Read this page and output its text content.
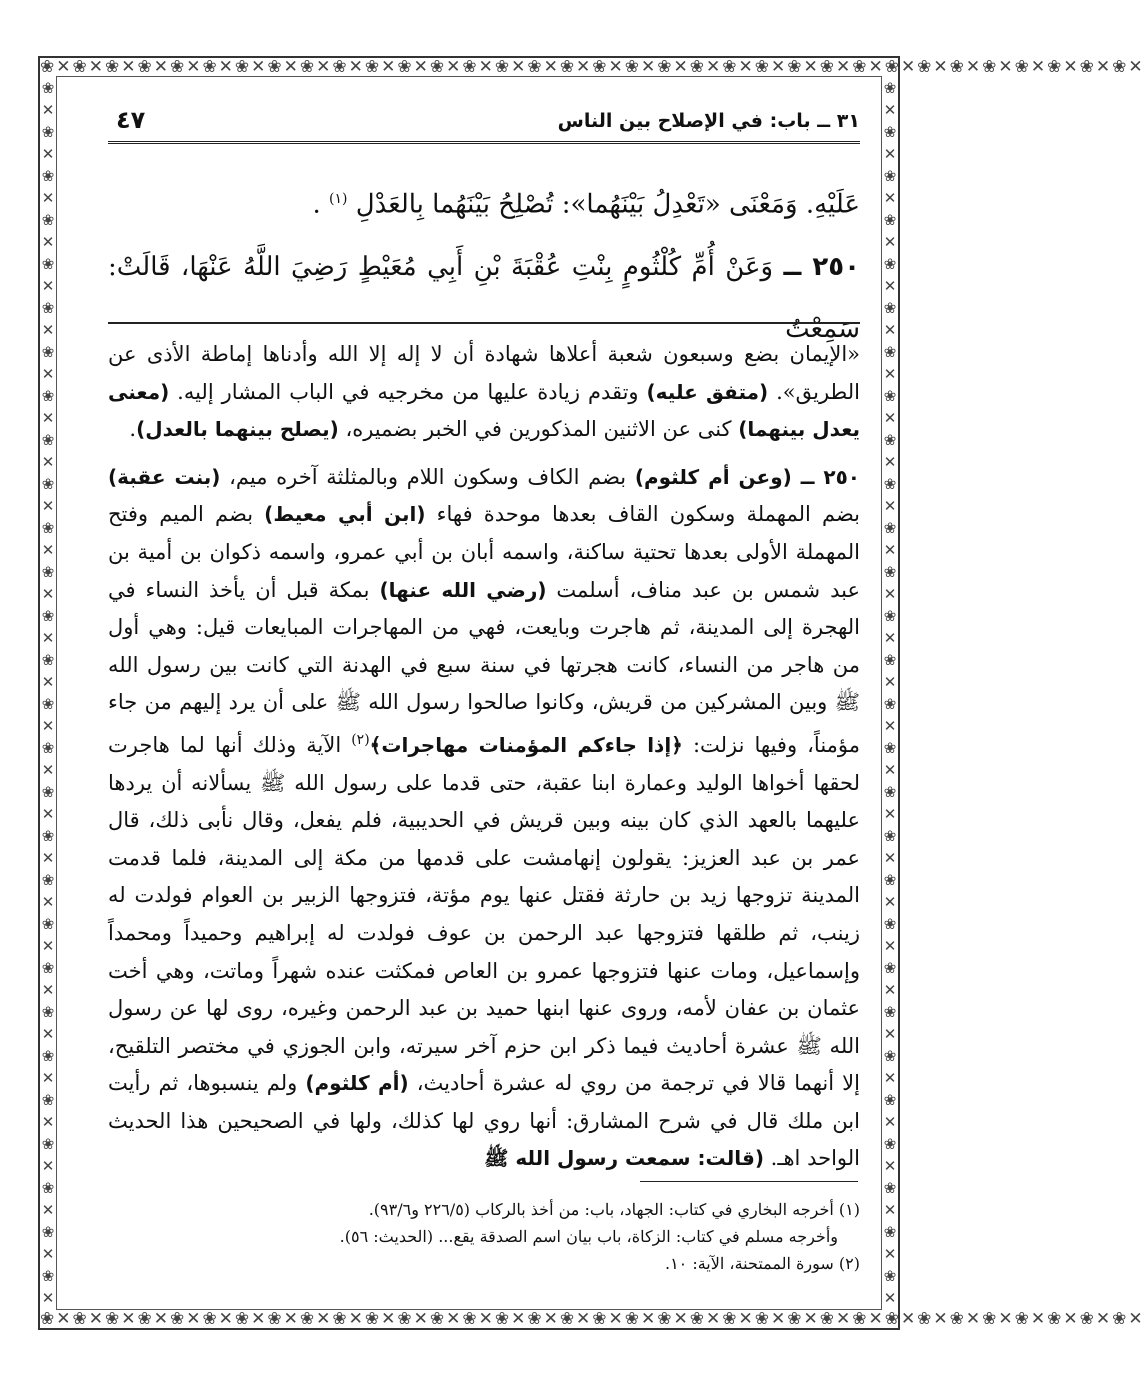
❀✕❀✕❀✕❀✕❀✕❀✕❀✕❀✕❀✕❀✕❀✕❀✕❀✕❀✕❀✕❀✕❀✕❀✕❀✕❀✕❀✕❀✕❀✕❀✕❀✕❀✕❀✕❀✕❀✕❀✕❀✕❀✕❀✕❀✕
❀✕❀✕❀✕❀✕❀✕❀✕❀✕❀✕❀✕❀✕❀✕❀✕❀✕❀✕❀✕❀✕❀✕❀✕❀✕❀✕❀✕❀✕❀✕❀✕❀✕❀✕❀✕❀✕❀✕❀✕❀✕❀✕❀✕❀✕
❀✕❀✕❀✕❀✕❀✕❀✕❀✕❀✕❀✕❀✕❀✕❀✕❀✕❀✕❀✕❀✕❀✕❀✕❀✕❀✕❀✕❀✕❀✕❀✕❀✕❀✕❀✕❀✕
❀✕❀✕❀✕❀✕❀✕❀✕❀✕❀✕❀✕❀✕❀✕❀✕❀✕❀✕❀✕❀✕❀✕❀✕❀✕❀✕❀✕❀✕❀✕❀✕❀✕❀✕❀✕❀✕
٣١ ــ باب: في الإصلاح بين الناس
٤٧

عَلَيْهِ. وَمَعْنَى «تَعْدِلُ بَيْنَهُما»: تُصْلِحُ بَيْنَهُما بِالعَدْلِ $^{(١)}$ .

٢٥٠ ــ وَعَنْ أُمِّ كُلْثُومٍ بِنْتِ عُقْبَةَ بْنِ أَبِي مُعَيْطٍ رَضِيَ اللَّهُ عَنْهَا، قَالَتْ: سَمِعْتُ

«الإيمان بضع وسبعون شعبة أعلاها شهادة أن لا إله إلا الله وأدناها إماطة الأذى عن الطريق». (متفق عليه) وتقدم زيادة عليها من مخرجيه في الباب المشار إليه. (معنى يعدل بينهما) كنى عن الاثنين المذكورين في الخبر بضميره، (يصلح بينهما بالعدل).

٢٥٠ ــ (وعن أم كلثوم) بضم الكاف وسكون اللام وبالمثلثة آخره ميم، (بنت عقبة) بضم المهملة وسكون القاف بعدها موحدة فهاء (ابن أبي معيط) بضم الميم وفتح المهملة الأولى بعدها تحتية ساكنة، واسمه أبان بن أبي عمرو، واسمه ذكوان بن أمية بن عبد شمس بن عبد مناف، أسلمت (رضي الله عنها) بمكة قبل أن يأخذ النساء في الهجرة إلى المدينة، ثم هاجرت وبايعت، فهي من المهاجرات المبايعات قيل: وهي أول من هاجر من النساء، كانت هجرتها في سنة سبع في الهدنة التي كانت بين رسول الله ﷺ وبين المشركين من قريش، وكانوا صالحوا رسول الله ﷺ على أن يرد إليهم من جاء مؤمناً، وفيها نزلت: ﴿إذا جاءكم المؤمنات مهاجرات﴾$^{(٢)}$ الآية وذلك أنها لما هاجرت لحقها أخواها الوليد وعمارة ابنا عقبة، حتى قدما على رسول الله ﷺ يسألانه أن يردها عليهما بالعهد الذي كان بينه وبين قريش في الحديبية، فلم يفعل، وقال نأبى ذلك، قال عمر بن عبد العزيز: يقولون إنهامشت على قدمها من مكة إلى المدينة، فلما قدمت المدينة تزوجها زيد بن حارثة فقتل عنها يوم مؤتة، فتزوجها الزبير بن العوام فولدت له زينب، ثم طلقها فتزوجها عبد الرحمن بن عوف فولدت له إبراهيم وحميداً ومحمداً وإسماعيل، ومات عنها فتزوجها عمرو بن العاص فمكثت عنده شهراً وماتت، وهي أخت عثمان بن عفان لأمه، وروى عنها ابنها حميد بن عبد الرحمن وغيره، روى لها عن رسول الله ﷺ عشرة أحاديث فيما ذكر ابن حزم آخر سيرته، وابن الجوزي في مختصر التلقيح، إلا أنهما قالا في ترجمة من روي له عشرة أحاديث، (أم كلثوم) ولم ينسبوها، ثم رأيت ابن ملك قال في شرح المشارق: أنها روي لها كذلك، ولها في الصحيحين هذا الحديث الواحد اهـ. (قالت: سمعت رسول الله ﷺ

(١) أخرجه البخاري في كتاب: الجهاد، باب: من أخذ بالركاب (٢٢٦/٥ و٩٣/٦).

وأخرجه مسلم في كتاب: الزكاة، باب بيان اسم الصدقة يقع... (الحديث: ٥٦).

(٢) سورة الممتحنة، الآية: ١٠.
